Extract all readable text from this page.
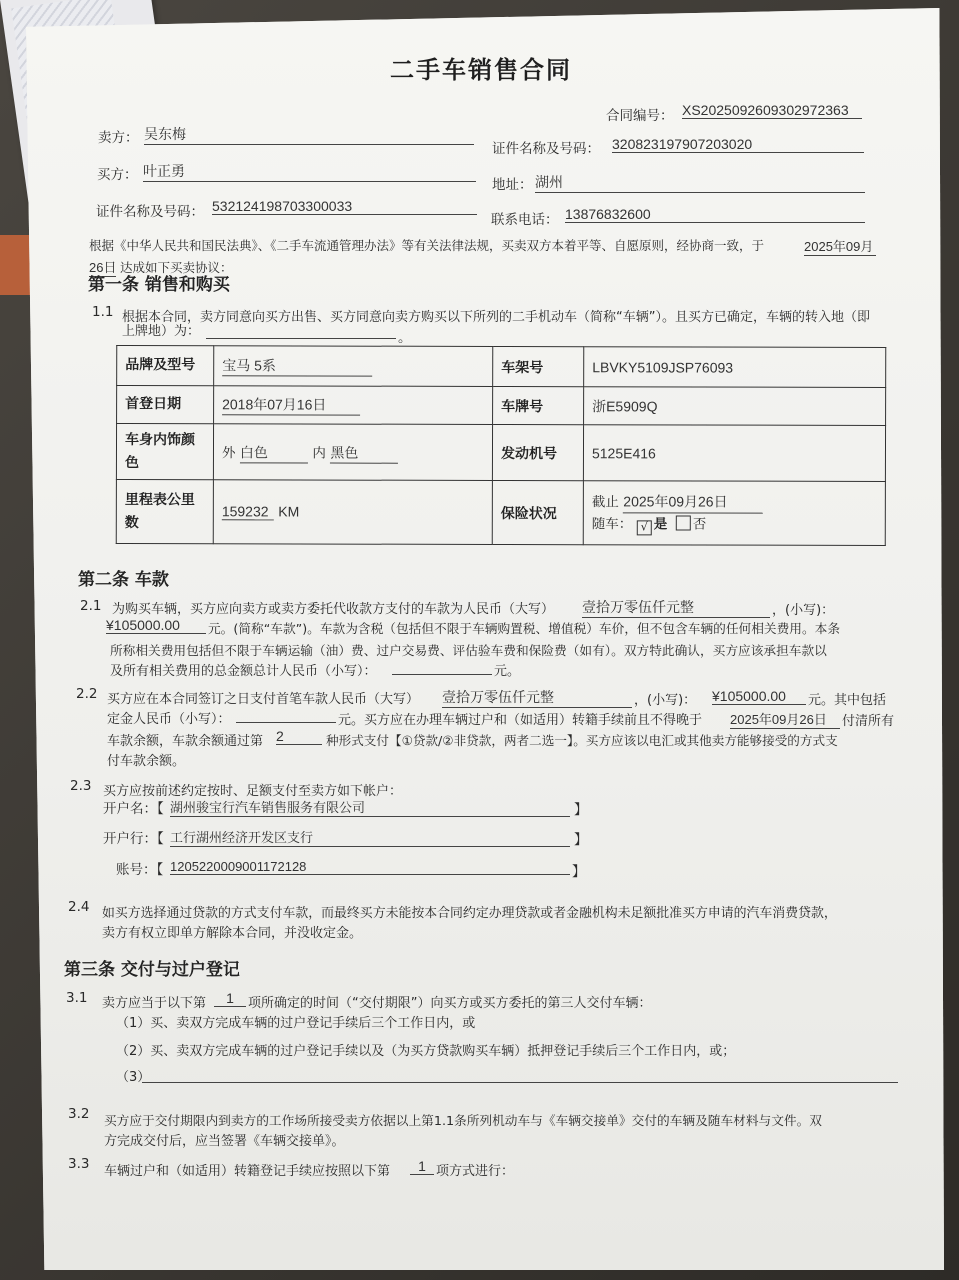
二手车销售合同
合同编号： XS2025092609302972363
卖方： 吴东梅
证件名称及号码： 320823197907203020
买方： 叶正勇
地址： 湖州
证件名称及号码： 532124198703300033
联系电话： 13876832600
根据《中华人民共和国民法典》、《二手车流通管理办法》等有关法律法规，买卖双方本着平等、自愿原则，经协商一致，于	2025年09月
26日 达成如下买卖协议：
第一条 销售和购买
1.1 根据本合同，卖方同意向买方出售、买方同意向卖方购买以下所列的二手机动车（简称“车辆”）。且买方已确定，车辆的转入地（即
上牌地）为：	。
品牌及型号	宝马 5系	车架号	LBVKY5109JSP76093
首登日期	2018年07月16日	车牌号	浙E5909Q
车身内饰颜色	外 白色 内 黑色	发动机号	5125E416
里程表公里数	159232 KM	保险状况	截止 2025年09月26日
随车： √ 是 否
第二条 车款
2.1 为购买车辆，买方应向卖方或卖方委托代收款方支付的车款为人民币（大写） 壹拾万零伍仟元整	，(小写)：
¥105000.00	元。(简称“车款”)。车款为含税（包括但不限于车辆购置税、增值税）车价，但不包含车辆的任何相关费用。本条
所称相关费用包括但不限于车辆运输（油）费、过户交易费、评估验车费和保险费（如有）。双方特此确认，买方应该承担车款以
及所有相关费用的总金额总计人民币（小写）：	元。
2.2 买方应在本合同签订之日支付首笔车款人民币（大写） 壹拾万零伍仟元整	，(小写)： ¥105000.00	元。其中包括
定金人民币（小写）：	元。买方应在办理车辆过户和（如适用）转籍手续前且不得晚于 2025年09月26日	付清所有
车款余额，车款余额通过第 2	种形式支付【①贷款/②非贷款，两者二选一】。买方应该以电汇或其他卖方能够接受的方式支
付车款余额。
2.3 买方应按前述约定按时、足额支付至卖方如下帐户：
开户名：【 湖州骏宝行汽车销售服务有限公司	】
开户行：【 工行湖州经济开发区支行	】
账号：【 1205220009001172128	】
2.4 如买方选择通过贷款的方式支付车款，而最终买方未能按本合同约定办理贷款或者金融机构未足额批准买方申请的汽车消费贷款，
卖方有权立即单方解除本合同，并没收定金。
第三条 交付与过户登记
3.1 卖方应当于以下第	1	项所确定的时间（“交付期限”）向买方或买方委托的第三人交付车辆：
（1）买、卖双方完成车辆的过户登记手续后三个工作日内，或
（2）买、卖双方完成车辆的过户登记手续以及（为买方贷款购买车辆）抵押登记手续后三个工作日内，或；
（3）
3.2 买方应于交付期限内到卖方的工作场所接受卖方依据以上第1.1条所列机动车与《车辆交接单》交付的车辆及随车材料与文件。双
方完成交付后，应当签署《车辆交接单》。
3.3 车辆过户和（如适用）转籍登记手续应按照以下第	1 项方式进行：
